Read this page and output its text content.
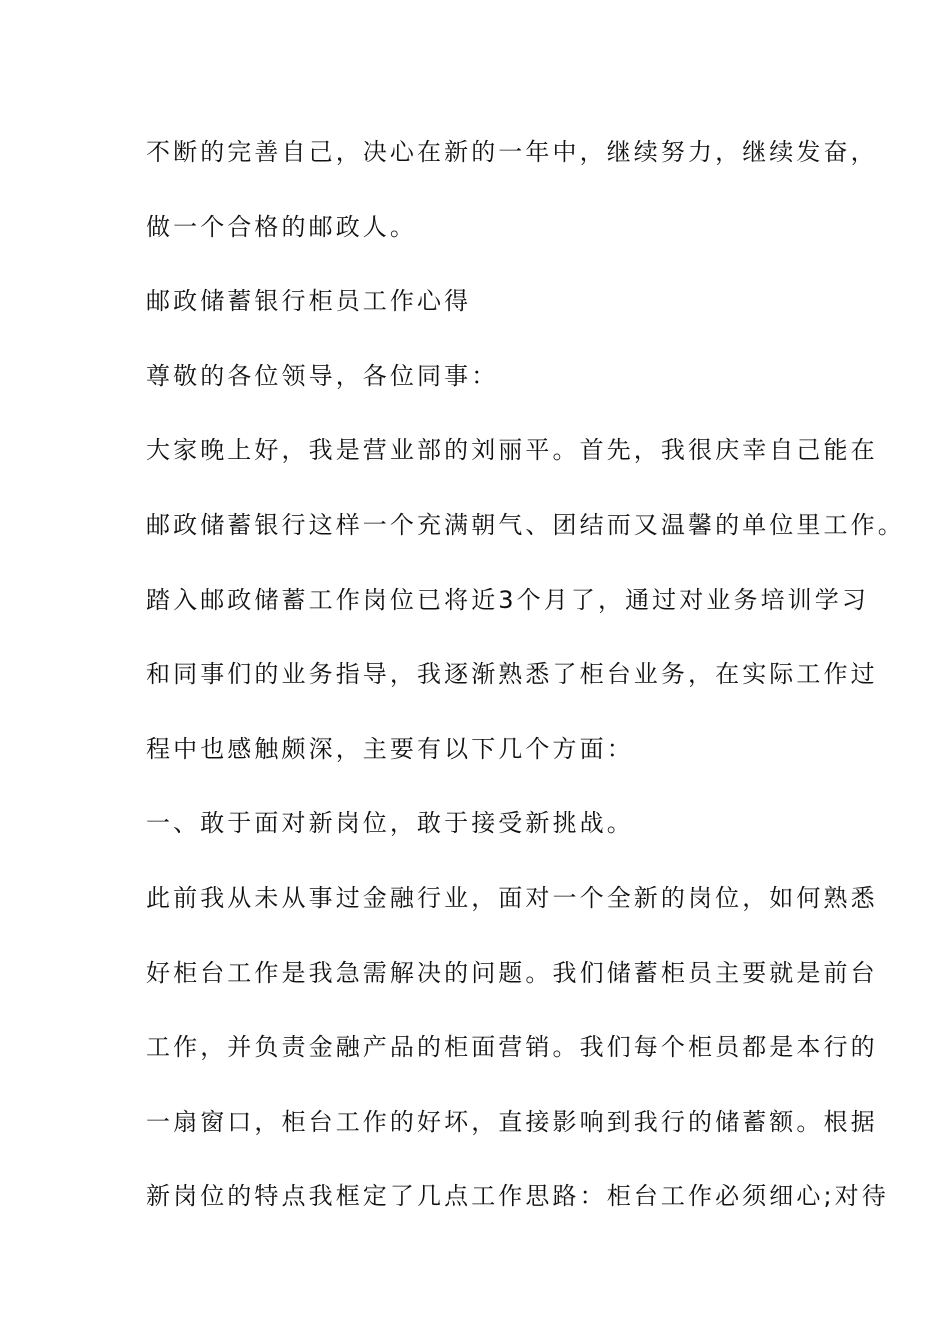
不断的完善自己，决心在新的一年中，继续努力，继续发奋，
做一个合格的邮政人。
邮政储蓄银行柜员工作心得
尊敬的各位领导，各位同事：
大家晚上好，我是营业部的刘丽平。首先，我很庆幸自己能在
邮政储蓄银行这样一个充满朝气、团结而又温馨的单位里工作。
踏入邮政储蓄工作岗位已将近3个月了，通过对业务培训学习
和同事们的业务指导，我逐渐熟悉了柜台业务，在实际工作过
程中也感触颇深，主要有以下几个方面：
一、敢于面对新岗位，敢于接受新挑战。
此前我从未从事过金融行业，面对一个全新的岗位，如何熟悉
好柜台工作是我急需解决的问题。我们储蓄柜员主要就是前台
工作，并负责金融产品的柜面营销。我们每个柜员都是本行的
一扇窗口，柜台工作的好坏，直接影响到我行的储蓄额。根据
新岗位的特点我框定了几点工作思路：柜台工作必须细心;对待
